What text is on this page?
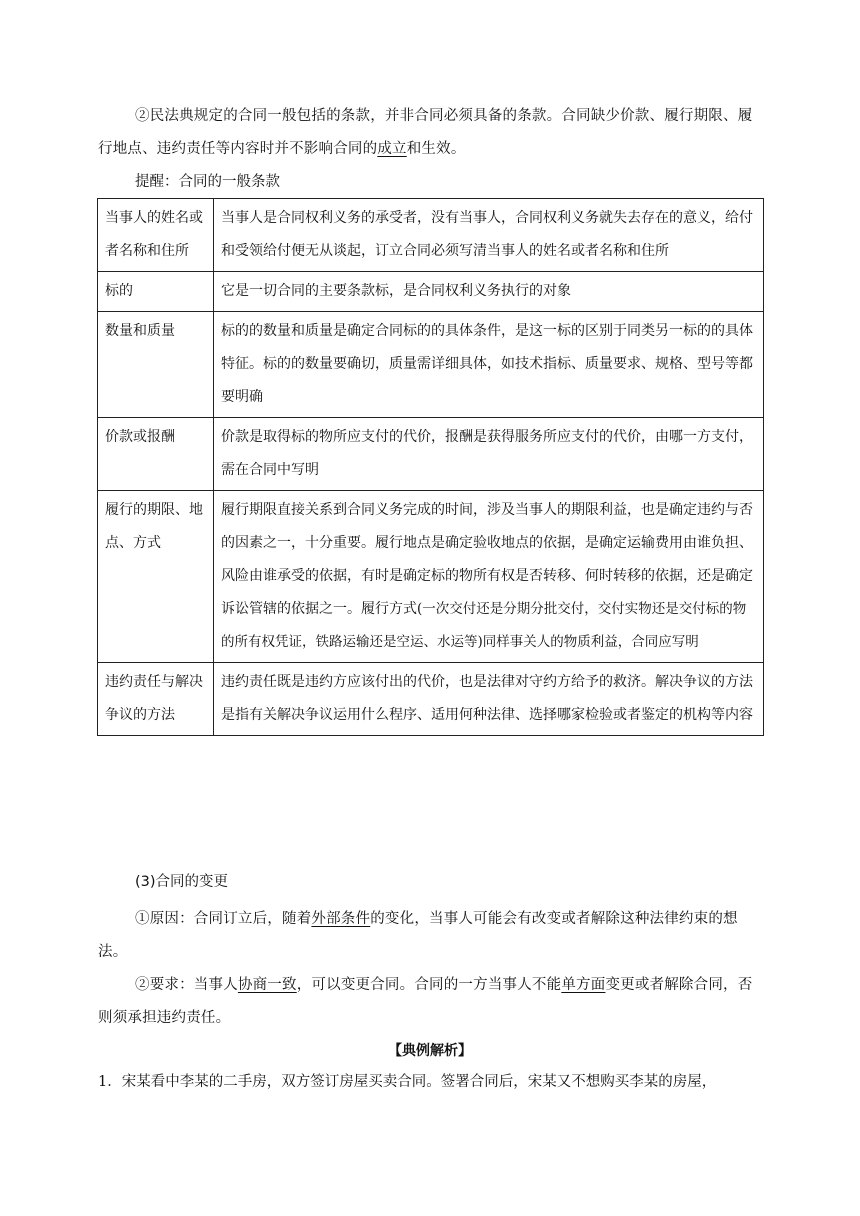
②民法典规定的合同一般包括的条款，并非合同必须具备的条款。合同缺少价款、履行期限、履行地点、违约责任等内容时并不影响合同的成立和生效。

提醒：合同的一般条款

当事人的姓名或者名称和住所	当事人是合同权利义务的承受者，没有当事人，合同权利义务就失去存在的意义，给付和受领给付便无从谈起，订立合同必须写清当事人的姓名或者名称和住所
标的	它是一切合同的主要条款标，是合同权利义务执行的对象
数量和质量	标的的数量和质量是确定合同标的的具体条件，是这一标的区别于同类另一标的的具体特征。标的的数量要确切，质量需详细具体，如技术指标、质量要求、规格、型号等都要明确
价款或报酬	价款是取得标的物所应支付的代价，报酬是获得服务所应支付的代价，由哪一方支付，需在合同中写明
履行的期限、地点、方式	履行期限直接关系到合同义务完成的时间，涉及当事人的期限利益，也是确定违约与否的因素之一，十分重要。履行地点是确定验收地点的依据，是确定运输费用由谁负担、风险由谁承受的依据，有时是确定标的物所有权是否转移、何时转移的依据，还是确定诉讼管辖的依据之一。履行方式(一次交付还是分期分批交付，交付实物还是交付标的物的所有权凭证，铁路运输还是空运、水运等)同样事关人的物质利益，合同应写明
违约责任与解决争议的方法	违约责任既是违约方应该付出的代价，也是法律对守约方给予的救济。解决争议的方法是指有关解决争议运用什么程序、适用何种法律、选择哪家检验或者鉴定的机构等内容

(3)合同的变更

①原因：合同订立后，随着外部条件的变化，当事人可能会有改变或者解除这种法律约束的想法。

②要求：当事人协商一致，可以变更合同。合同的一方当事人不能单方面变更或者解除合同，否则须承担违约责任。

【典例解析】

1．宋某看中李某的二手房，双方签订房屋买卖合同。签署合同后，宋某又不想购买李某的房屋，
